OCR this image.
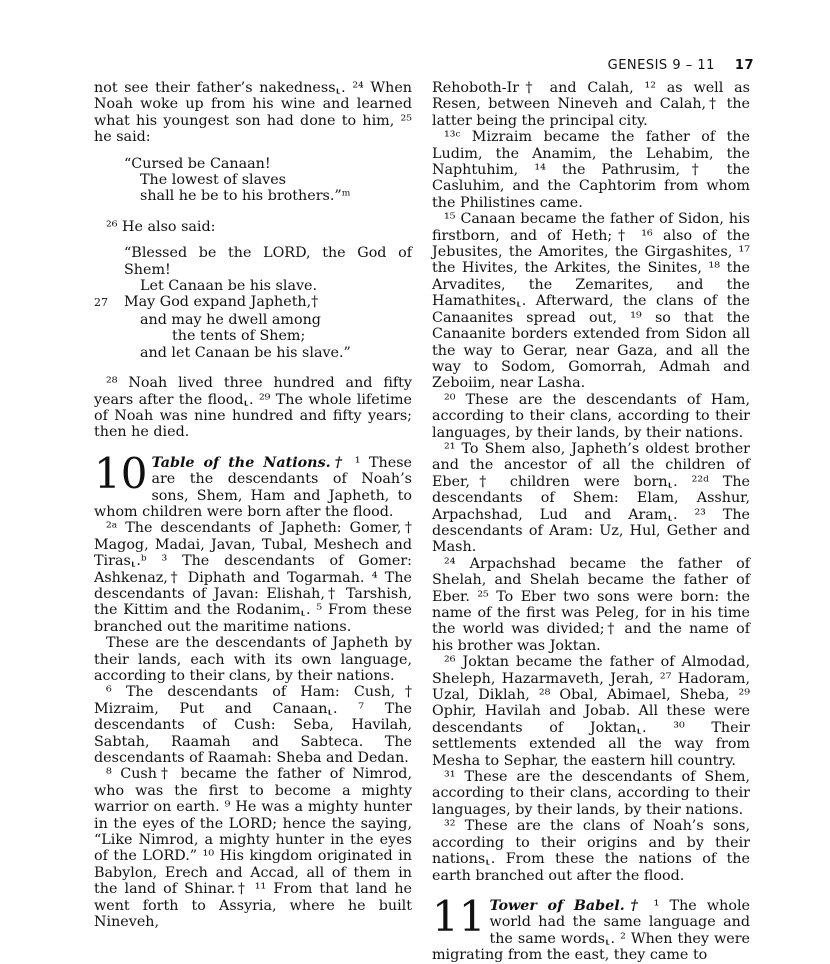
GENESIS 9 – 11 17

not see their father’s nakedness⸤. ²⁴ When Noah woke up from his wine and learned what his youngest son had done to him, ²⁵ he said:

“Cursed be Canaan!
The lowest of slaves
shall he be to his brothers.”ᵐ

²⁶ He also said:

“Blessed be the LORD, the God of Shem!
Let Canaan be his slave.
27 May God expand Japheth,†
and may he dwell among
the tents of Shem;
and let Canaan be his slave.”

²⁸ Noah lived three hundred and fifty years after the flood⸤. ²⁹ The whole lifetime of Noah was nine hundred and fifty years; then he died.

10 Table of the Nations.† ¹ These are the descendants of Noah’s sons, Shem, Ham and Japheth, to whom children were born after the flood.

²ᵃ The descendants of Japheth: Gomer,† Magog, Madai, Javan, Tubal, Meshech and Tiras⸤.ᵇ ³ The descendants of Gomer: Ashkenaz,† Diphath and Togarmah. ⁴ The descendants of Javan: Elishah,† Tarshish, the Kittim and the Rodanim⸤. ⁵ From these branched out the maritime nations.

These are the descendants of Japheth by their lands, each with its own language, according to their clans, by their nations.

⁶ The descendants of Ham: Cush,† Mizraim, Put and Canaan⸤. ⁷ The descendants of Cush: Seba, Havilah, Sabtah, Raamah and Sabteca. The descendants of Raamah: Sheba and Dedan.

⁸ Cush† became the father of Nimrod, who was the first to become a mighty warrior on earth. ⁹ He was a mighty hunter in the eyes of the LORD; hence the saying, “Like Nimrod, a mighty hunter in the eyes of the LORD.” ¹⁰ His kingdom originated in Babylon, Erech and Accad, all of them in the land of Shinar.† ¹¹ From that land he went forth to Assyria, where he built Nineveh,

Rehoboth-Ir† and Calah, ¹² as well as Resen, between Nineveh and Calah,† the latter being the principal city.

¹³ᶜ Mizraim became the father of the Ludim, the Anamim, the Lehabim, the Naphtuhim, ¹⁴ the Pathrusim,† the Casluhim, and the Caphtorim from whom the Philistines came.

¹⁵ Canaan became the father of Sidon, his firstborn, and of Heth;† ¹⁶ also of the Jebusites, the Amorites, the Girgashites, ¹⁷ the Hivites, the Arkites, the Sinites, ¹⁸ the Arvadites, the Zemarites, and the Hamathites⸤. Afterward, the clans of the Canaanites spread out, ¹⁹ so that the Canaanite borders extended from Sidon all the way to Gerar, near Gaza, and all the way to Sodom, Gomorrah, Admah and Zeboiim, near Lasha.

²⁰ These are the descendants of Ham, according to their clans, according to their languages, by their lands, by their nations.

²¹ To Shem also, Japheth’s oldest brother and the ancestor of all the children of Eber,† children were born⸤. ²²ᵈ The descendants of Shem: Elam, Asshur, Arpachshad, Lud and Aram⸤. ²³ The descendants of Aram: Uz, Hul, Gether and Mash.

²⁴ Arpachshad became the father of Shelah, and Shelah became the father of Eber. ²⁵ To Eber two sons were born: the name of the first was Peleg, for in his time the world was divided;† and the name of his brother was Joktan.

²⁶ Joktan became the father of Almodad, Sheleph, Hazarmaveth, Jerah, ²⁷ Hadoram, Uzal, Diklah, ²⁸ Obal, Abimael, Sheba, ²⁹ Ophir, Havilah and Jobab. All these were descendants of Joktan⸤. ³⁰ Their settlements extended all the way from Mesha to Sephar, the eastern hill country.

³¹ These are the descendants of Shem, according to their clans, according to their languages, by their lands, by their nations.

³² These are the clans of Noah’s sons, according to their origins and by their nations⸤. From these the nations of the earth branched out after the flood.

11 Tower of Babel.† ¹ The whole world had the same language and the same words⸤. ² When they were migrating from the east, they came to
